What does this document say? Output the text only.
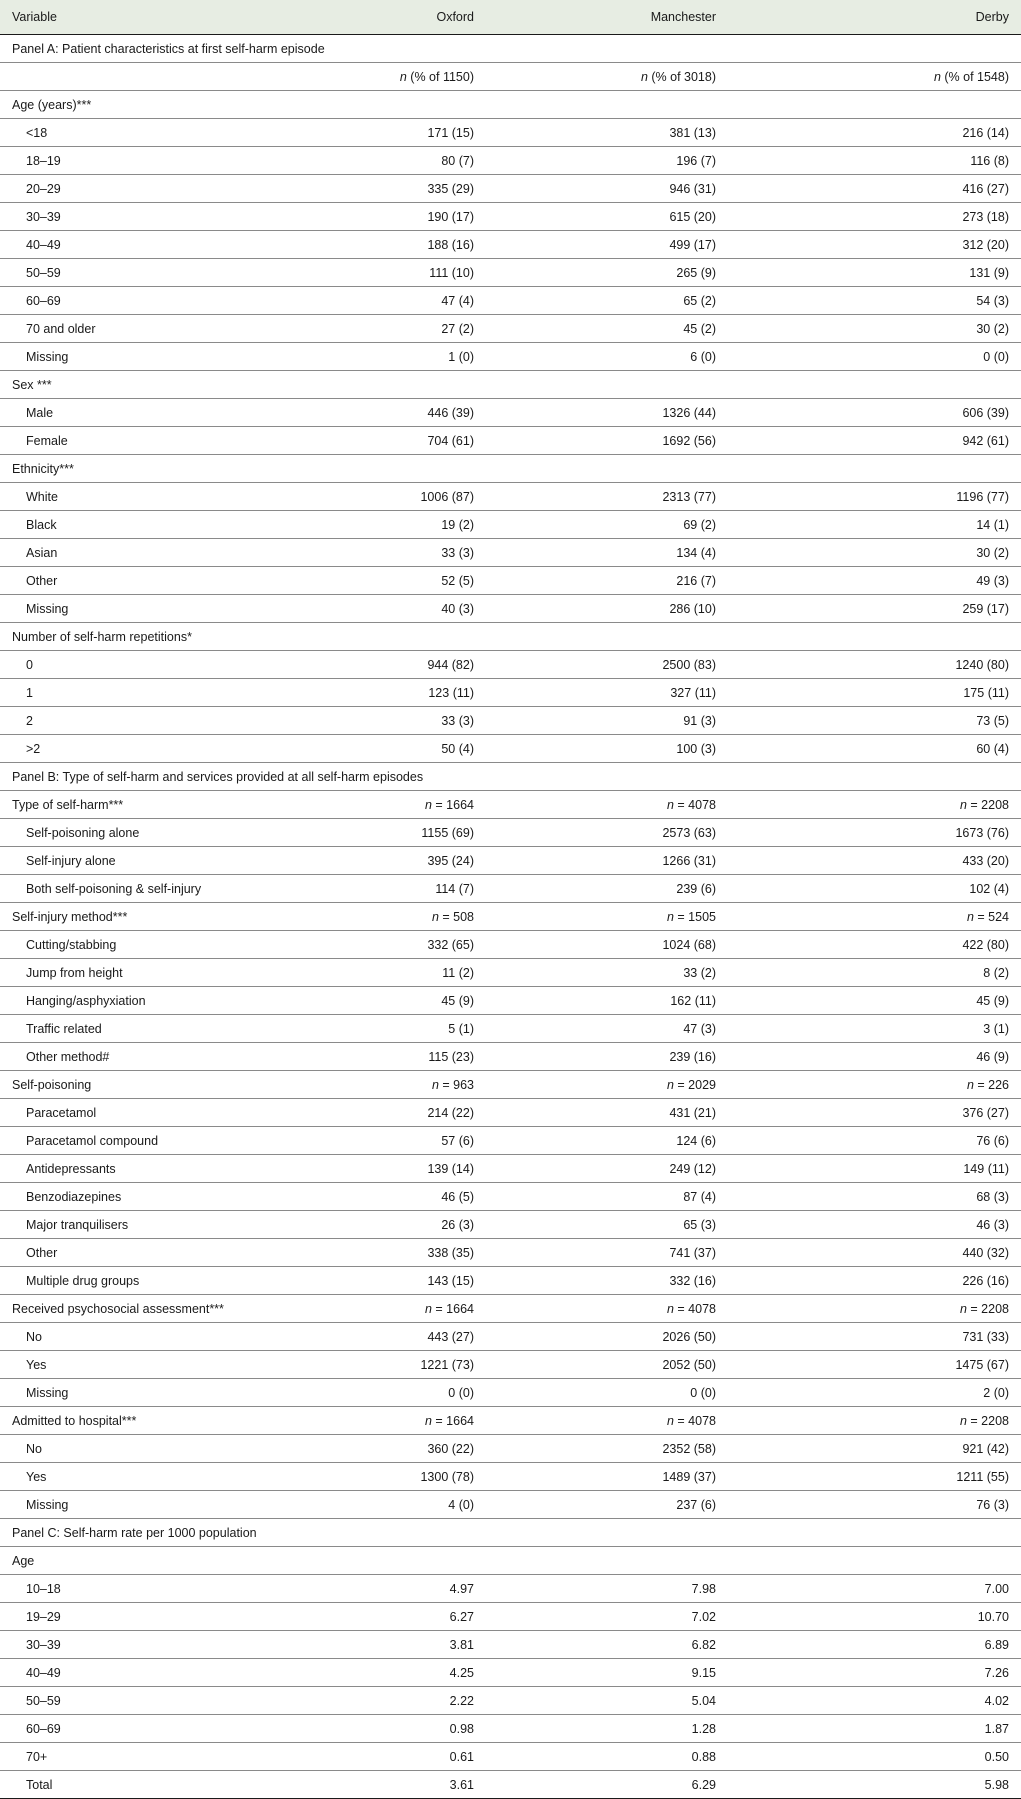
Variable	Oxford	Manchester	Derby
Panel A: Patient characteristics at first self-harm episode			
	n (% of 1150)	n (% of 3018)	n (% of 1548)
Age (years)***			
<18	171 (15)	381 (13)	216 (14)
18–19	80 (7)	196 (7)	116 (8)
20–29	335 (29)	946 (31)	416 (27)
30–39	190 (17)	615 (20)	273 (18)
40–49	188 (16)	499 (17)	312 (20)
50–59	111 (10)	265 (9)	131 (9)
60–69	47 (4)	65 (2)	54 (3)
70 and older	27 (2)	45 (2)	30 (2)
Missing	1 (0)	6 (0)	0 (0)
Sex ***			
Male	446 (39)	1326 (44)	606 (39)
Female	704 (61)	1692 (56)	942 (61)
Ethnicity***			
White	1006 (87)	2313 (77)	1196 (77)
Black	19 (2)	69 (2)	14 (1)
Asian	33 (3)	134 (4)	30 (2)
Other	52 (5)	216 (7)	49 (3)
Missing	40 (3)	286 (10)	259 (17)
Number of self-harm repetitions*			
0	944 (82)	2500 (83)	1240 (80)
1	123 (11)	327 (11)	175 (11)
2	33 (3)	91 (3)	73 (5)
>2	50 (4)	100 (3)	60 (4)
Panel B: Type of self-harm and services provided at all self-harm episodes			
Type of self-harm***	n = 1664	n = 4078	n = 2208
Self-poisoning alone	1155 (69)	2573 (63)	1673 (76)
Self-injury alone	395 (24)	1266 (31)	433 (20)
Both self-poisoning & self-injury	114 (7)	239 (6)	102 (4)
Self-injury method***	n = 508	n = 1505	n = 524
Cutting/stabbing	332 (65)	1024 (68)	422 (80)
Jump from height	11 (2)	33 (2)	8 (2)
Hanging/asphyxiation	45 (9)	162 (11)	45 (9)
Traffic related	5 (1)	47 (3)	3 (1)
Other method#	115 (23)	239 (16)	46 (9)
Self-poisoning	n = 963	n = 2029	n = 226
Paracetamol	214 (22)	431 (21)	376 (27)
Paracetamol compound	57 (6)	124 (6)	76 (6)
Antidepressants	139 (14)	249 (12)	149 (11)
Benzodiazepines	46 (5)	87 (4)	68 (3)
Major tranquilisers	26 (3)	65 (3)	46 (3)
Other	338 (35)	741 (37)	440 (32)
Multiple drug groups	143 (15)	332 (16)	226 (16)
Received psychosocial assessment***	n = 1664	n = 4078	n = 2208
No	443 (27)	2026 (50)	731 (33)
Yes	1221 (73)	2052 (50)	1475 (67)
Missing	0 (0)	0 (0)	2 (0)
Admitted to hospital***	n = 1664	n = 4078	n = 2208
No	360 (22)	2352 (58)	921 (42)
Yes	1300 (78)	1489 (37)	1211 (55)
Missing	4 (0)	237 (6)	76 (3)
Panel C: Self-harm rate per 1000 population			
Age			
10–18	4.97	7.98	7.00
19–29	6.27	7.02	10.70
30–39	3.81	6.82	6.89
40–49	4.25	9.15	7.26
50–59	2.22	5.04	4.02
60–69	0.98	1.28	1.87
70+	0.61	0.88	0.50
Total	3.61	6.29	5.98
